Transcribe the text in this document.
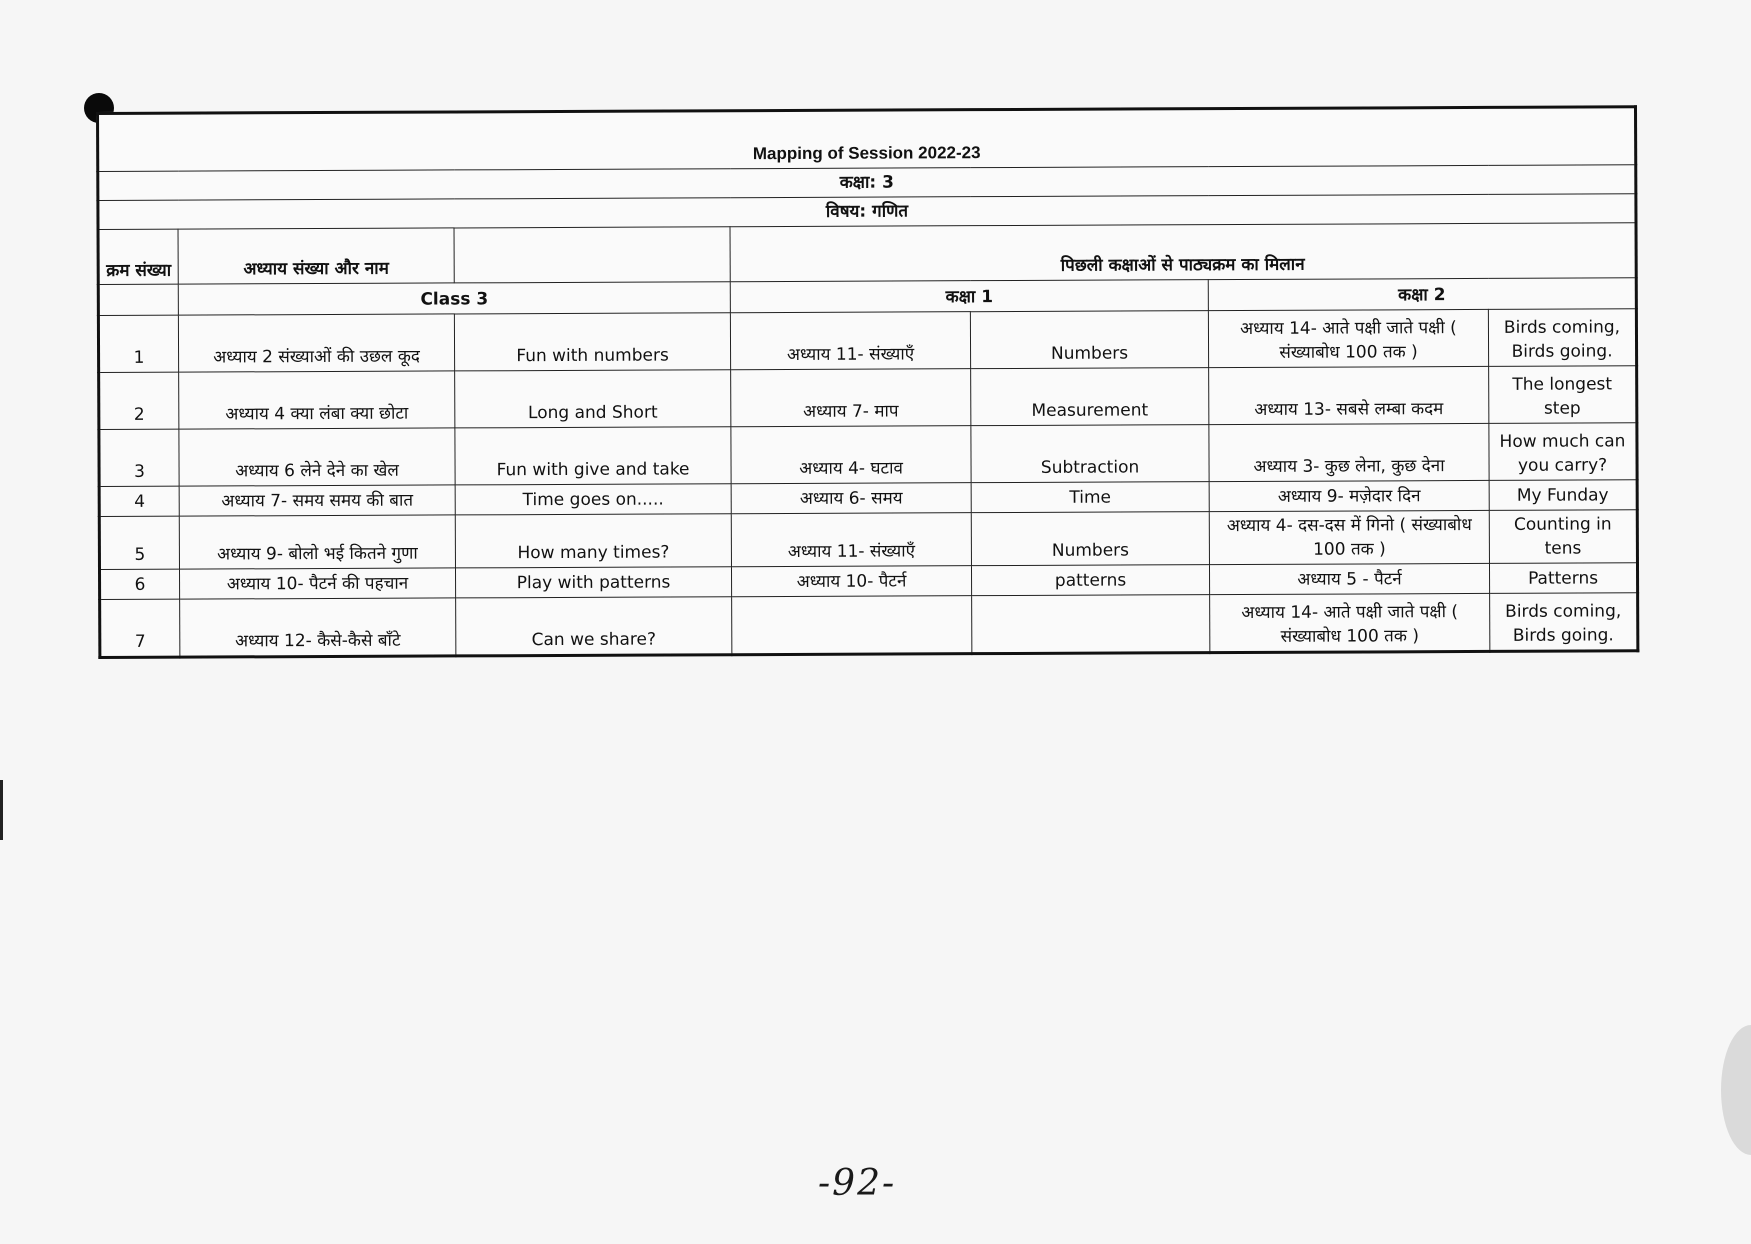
Mapping of Session 2022-23						
कक्षा: 3						
विषय: गणित						
क्रम संख्या	अध्याय संख्या और नाम		पिछली कक्षाओं से पाठ्यक्रम का मिलान			
	Class 3		कक्षा 1		कक्षा 2	
1	अध्याय 2 संख्याओं की उछल कूद	Fun with numbers	अध्याय 11- संख्याएँ	Numbers	अध्याय 14- आते पक्षी जाते पक्षी ( संख्याबोध 100 तक )	Birds coming, Birds going.
2	अध्याय 4 क्या लंबा क्या छोटा	Long and Short	अध्याय 7- माप	Measurement	अध्याय 13- सबसे लम्बा कदम	The longest step
3	अध्याय 6 लेने देने का खेल	Fun with give and take	अध्याय 4- घटाव	Subtraction	अध्याय 3- कुछ लेना, कुछ देना	How much can you carry?
4	अध्याय 7- समय समय की बात	Time goes on.....	अध्याय 6- समय	Time	अध्याय 9- मज़ेदार दिन	My Funday
5	अध्याय 9- बोलो भई कितने गुणा	How many times?	अध्याय 11- संख्याएँ	Numbers	अध्याय 4- दस-दस में गिनो ( संख्याबोध 100 तक )	Counting in tens
6	अध्याय 10- पैटर्न की पहचान	Play with patterns	अध्याय 10- पैटर्न	patterns	अध्याय 5 - पैटर्न	Patterns
7	अध्याय 12- कैसे-कैसे बाँटे	Can we share?			अध्याय 14- आते पक्षी जाते पक्षी ( संख्याबोध 100 तक )	Birds coming, Birds going.
-92-
